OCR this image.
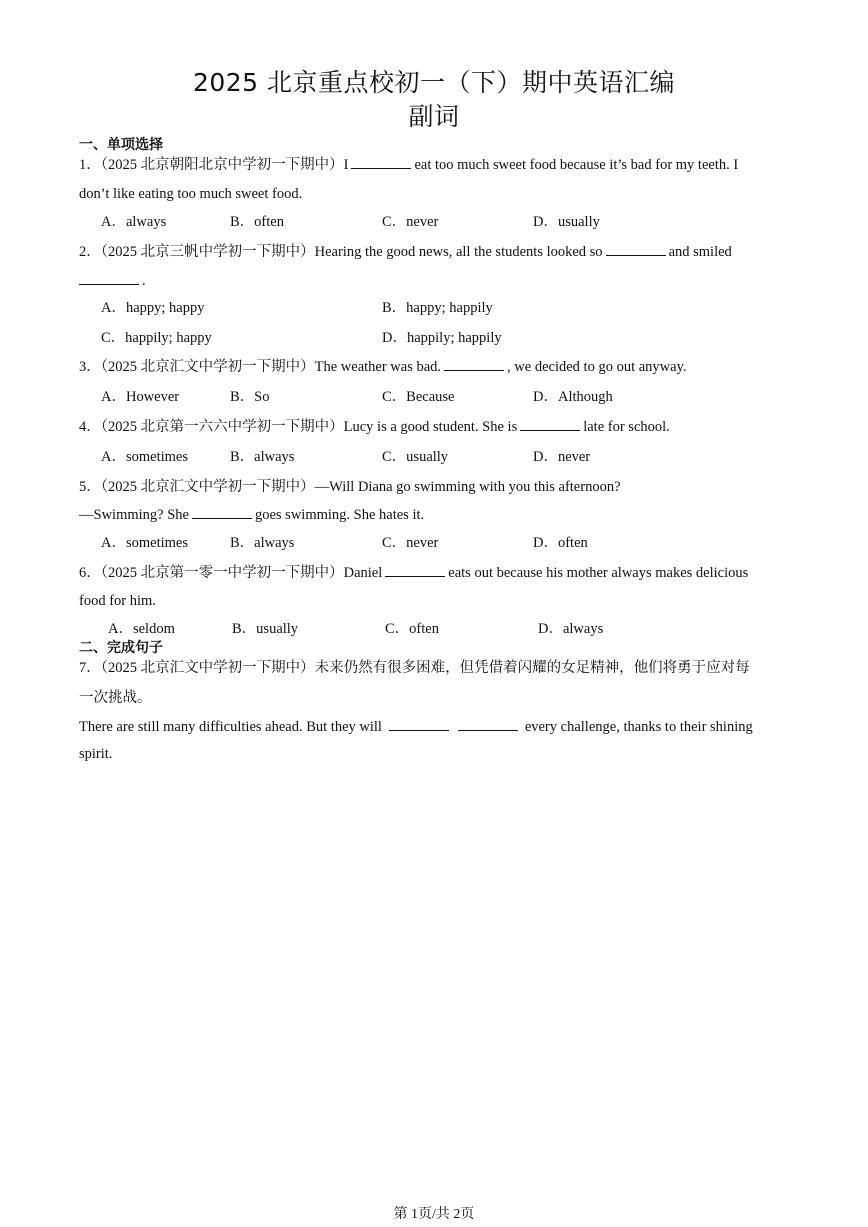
2025 北京重点校初一（下）期中英语汇编
副词
一、单项选择
1．（2025 北京朝阳北京中学初一下期中）I	eat too much sweet food because it’s bad for my teeth. I
don’t like eating too much sweet food.
A．always	B．often	C．never	D．usually
2．（2025 北京三帆中学初一下期中）Hearing the good news, all the students looked so	and smiled
.
A．happy; happy	B．happy; happily
C．happily; happy	D．happily; happily
3．（2025 北京汇文中学初一下期中）The weather was bad.	, we decided to go out anyway.
A．However	B．So	C．Because	D．Although
4．（2025 北京第一六六中学初一下期中）Lucy is a good student. She is	late for school.
A．sometimes	B．always	C．usually	D．never
5．（2025 北京汇文中学初一下期中）—Will Diana go swimming with you this afternoon?
—Swimming? She	goes swimming. She hates it.
A．sometimes	B．always	C．never	D．often
6．（2025 北京第一零一中学初一下期中）Daniel	eats out because his mother always makes delicious
food for him.
A．seldom	B．usually	C．often	D．always
二、完成句子
7．（2025 北京汇文中学初一下期中）未来仍然有很多困难，但凭借着闪耀的女足精神，他们将勇于应对每
一次挑战。
There are still many difficulties ahead. But they will	every challenge, thanks to their shining
spirit.
第 1页/共 2页
